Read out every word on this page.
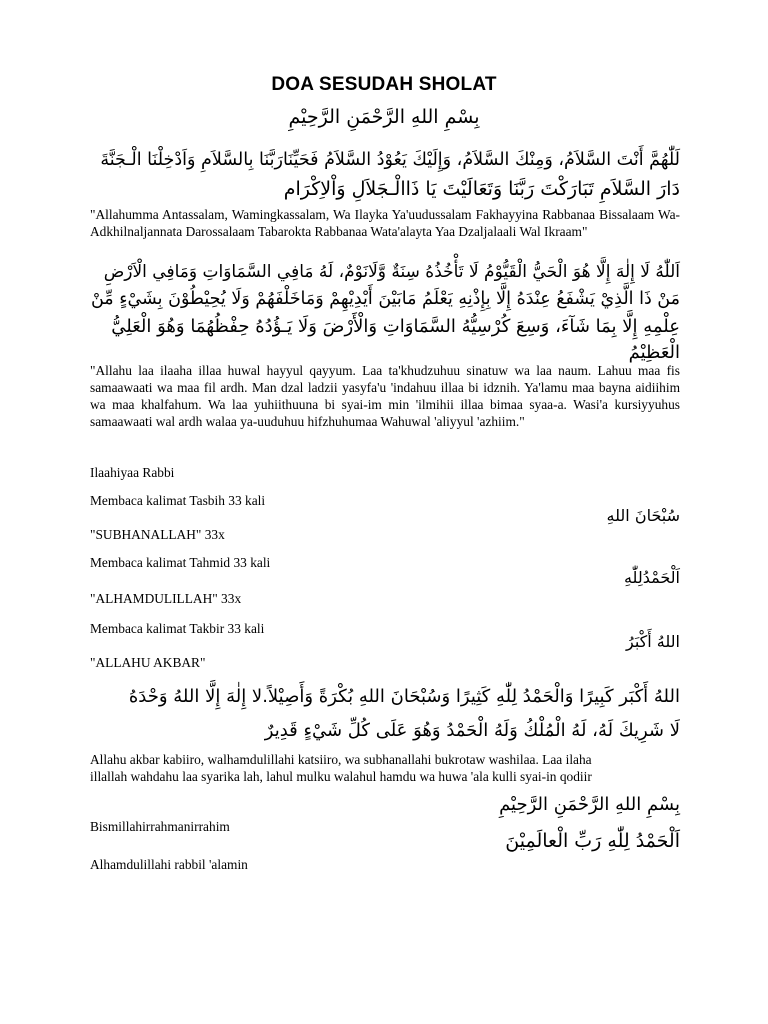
DOA SESUDAH SHOLAT
بِسْمِ اللهِ الرَّحْمَنِ الرَّحِيْمِ
لَلّٰهُمَّ أَنْتَ السَّلاَمُ، وَمِنْكَ السَّلاَمُ، وَإِلَيْكَ يَعُوْدُ السَّلاَمُ فَحَيِّنَارَبَّنَا بِالسَّلاَمِ وَاَدْخِلْنَا الْـجَنَّةَ
دَارَ السَّلاَمِ تَبَارَكْتَ رَبَّنَا وَتَعَالَيْتَ يَا ذَاالْـجَلاَلِ وَاْلاِكْرَام
"Allahumma Antassalam, Wamingkassalam, Wa Ilayka Ya'uudussalam Fakhayyina Rabbanaa Bissalaam Wa-Adkhilnaljannata Darossalaam Tabarokta Rabbanaa Wata'alayta Yaa Dzaljalaali Wal Ikraam"
اَللّٰهُ لَا إِلٰهَ إِلَّا هُوَ الْحَيُّ الْقَيُّوْمُ لَا تَأْخُذُهُ سِنَةٌ وَّلَانَوْمٌ، لَهُ مَافِي السَّمَاوَاتِ وَمَافِي الْاَرْضِ
مَنْ ذَا الَّذِيْ يَشْفَعُ عِنْدَهُ إِلَّا بِإِذْنِهِ يَعْلَمُ مَابَيْنَ أَيْدِيْهِمْ وَمَاخَلْفَهُمْ وَلَا يُحِيْطُوْنَ بِشَيْءٍ مِّنْ
عِلْمِهِ إِلَّا بِمَا شَآءَ، وَسِعَ كُرْسِيُّهُ السَّمَاوَاتِ وَالْأَرْضَ وَلَا يَـؤُدُهُ حِفْظُهُمَا وَهُوَ الْعَلِيُّ
الْعَظِيْمُ
"Allahu laa ilaaha illaa huwal hayyul qayyum. Laa ta'khudzuhuu sinatuw wa laa naum. Lahuu maa fis samaawaati wa maa fil ardh. Man dzal ladzii yasyfa'u 'indahuu illaa bi idznih. Ya'lamu maa bayna aidiihim wa maa khalfahum. Wa laa yuhiithuuna bi syai-im min 'ilmihii illaa bimaa syaa-a. Wasi'a kursiyyuhus samaawaati wal ardh walaa ya-uuduhuu hifzhuhumaa Wahuwal 'aliyyul 'azhiim."
Ilaahiyaa Rabbi
Membaca kalimat Tasbih 33 kali
سُبْحَانَ اللهِ
"SUBHANALLAH" 33x
Membaca kalimat Tahmid 33 kali
اَلْحَمْدُلِلّٰهِ
"ALHAMDULILLAH" 33x
Membaca kalimat Takbir 33 kali
اللهُ أَكْبَرُ
"ALLAHU AKBAR"
اللهُ أَكْبَر كَبِيرًا وَالْحَمْدُ لِلّٰهِ كَثِيرًا وَسُبْحَانَ اللهِ بُكْرَةً وَأَصِيْلاً.لا إِلٰهَ إِلَّا اللهُ وَحْدَهُ
لَا شَرِيكَ لَهُ، لَهُ الْمُلْكُ وَلَهُ الْحَمْدُ وَهُوَ عَلَى كُلِّ شَيْءٍ قَدِيرٌ
Allahu akbar kabiiro, walhamdulillahi katsiiro, wa subhanallahi bukrotaw washilaa. Laa ilaha
illallah wahdahu laa syarika lah, lahul mulku walahul hamdu wa huwa 'ala kulli syai-in qodiir
بِسْمِ اللهِ الرَّحْمَنِ الرَّحِيْمِ
Bismillahirrahmanirrahim
اَلْحَمْدُ لِلّٰهِ رَبِّ الْعالَمِيْنَ
Alhamdulillahi rabbil 'alamin
